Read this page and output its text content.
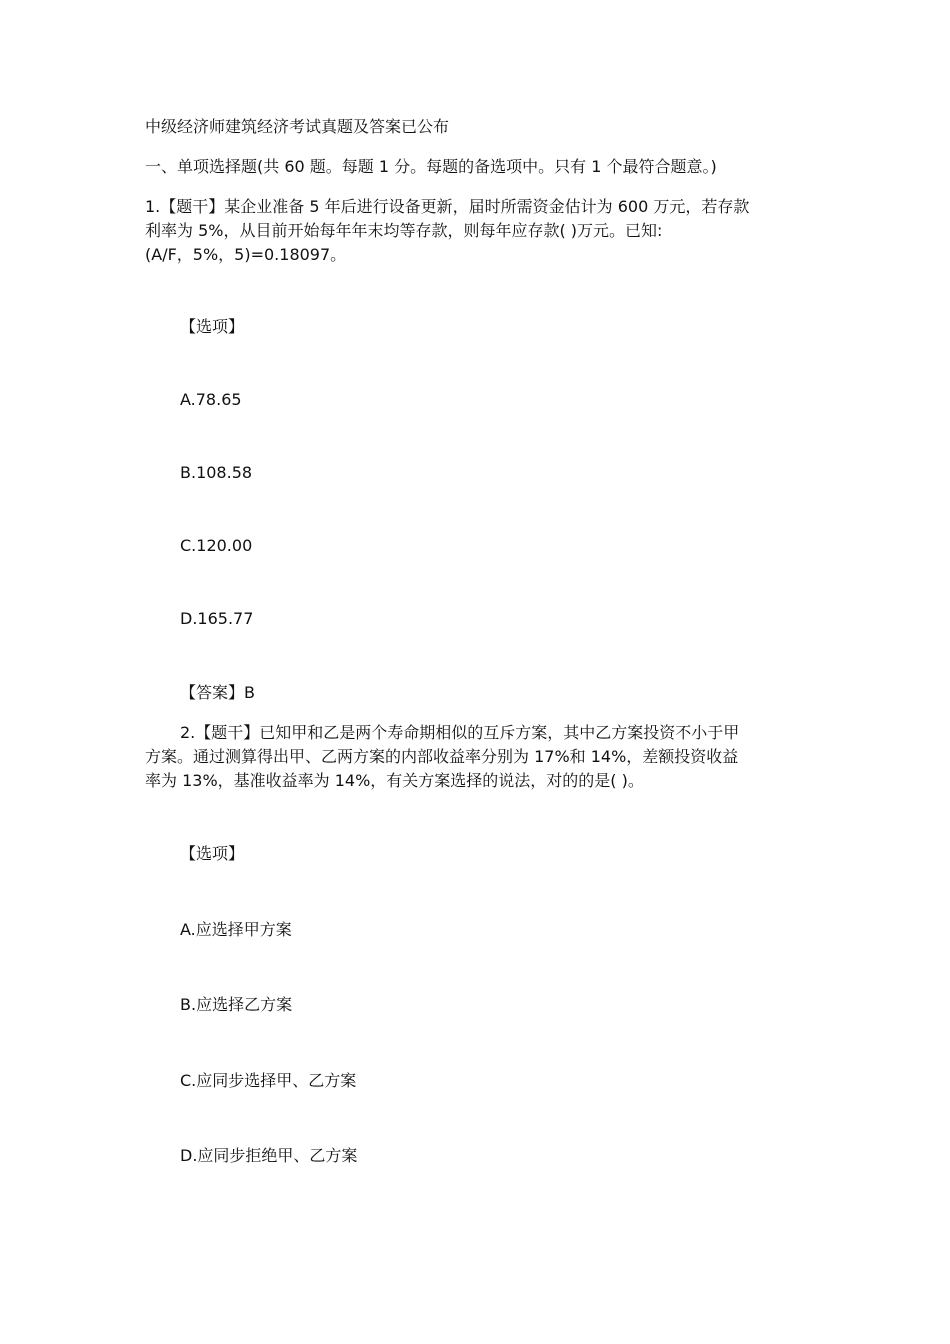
中级经济师建筑经济考试真题及答案已公布
一、单项选择题(共 60 题。每题 1 分。每题的备选项中。只有 1 个最符合题意。)
1.【题干】某企业准备 5 年后进行设备更新，届时所需资金估计为 600 万元，若存款
利率为 5%，从目前开始每年年末均等存款，则每年应存款( )万元。已知:
(A/F，5%，5)=0.18097。
【选项】
A.78.65
B.108.58
C.120.00
D.165.77
【答案】B
2.【题干】已知甲和乙是两个寿命期相似的互斥方案，其中乙方案投资不小于甲
方案。通过测算得出甲、乙两方案的内部收益率分别为 17%和 14%，差额投资收益
率为 13%，基准收益率为 14%，有关方案选择的说法，对的的是( )。
【选项】
A.应选择甲方案
B.应选择乙方案
C.应同步选择甲、乙方案
D.应同步拒绝甲、乙方案
